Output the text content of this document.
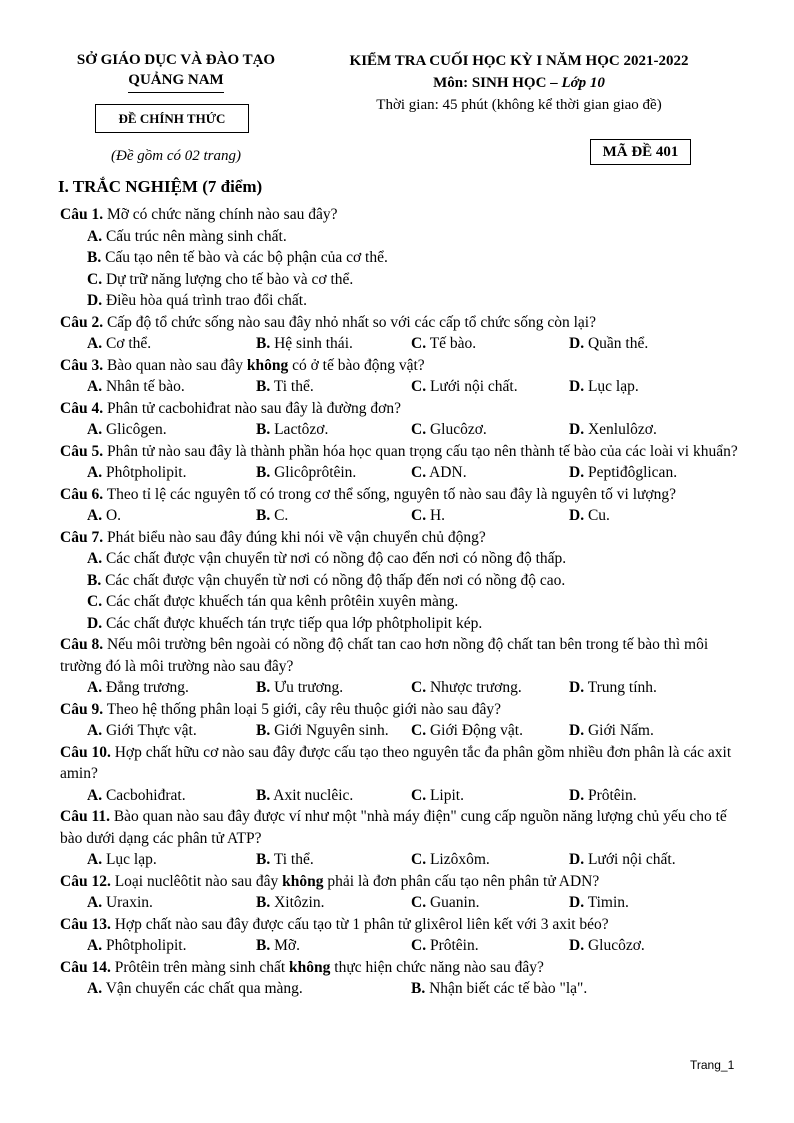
SỞ GIÁO DỤC VÀ ĐÀO TẠO
QUẢNG NAM
ĐỀ CHÍNH THỨC
(Đề gồm có 02 trang)
KIỂM TRA CUỐI HỌC KỲ I NĂM HỌC 2021-2022
Môn: SINH HỌC – Lớp 10
Thời gian: 45 phút (không kể thời gian giao đề)
MÃ ĐỀ 401
I. TRẮC NGHIỆM (7 điểm)
Câu 1. Mỡ có chức năng chính nào sau đây?
A. Cấu trúc nên màng sinh chất.
B. Cấu tạo nên tế bào và các bộ phận của cơ thể.
C. Dự trữ năng lượng cho tế bào và cơ thể.
D. Điều hòa quá trình trao đổi chất.
Câu 2. Cấp độ tổ chức sống nào sau đây nhỏ nhất so với các cấp tổ chức sống còn lại?
A. Cơ thể.	B. Hệ sinh thái.	C. Tế bào.	D. Quần thể.
Câu 3. Bào quan nào sau đây không có ở tế bào động vật?
A. Nhân tế bào.	B. Ti thể.	C. Lưới nội chất.	D. Lục lạp.
Câu 4. Phân tử cacbohiđrat nào sau đây là đường đơn?
A. Glicôgen.	B. Lactôzơ.	C. Glucôzơ.	D. Xenlulôzơ.
Câu 5. Phân tử nào sau đây là thành phần hóa học quan trọng cấu tạo nên thành tế bào của các loài vi khuẩn?
A. Phôtpholipit.	B. Glicôprôtêin.	C. ADN.	D. Peptiđôglican.
Câu 6. Theo tỉ lệ các nguyên tố có trong cơ thể sống, nguyên tố nào sau đây là nguyên tố vi lượng?
A. O.	B. C.	C. H.	D. Cu.
Câu 7. Phát biểu nào sau đây đúng khi nói về vận chuyển chủ động?
A. Các chất được vận chuyển từ nơi có nồng độ cao đến nơi có nồng độ thấp.
B. Các chất được vận chuyển từ nơi có nồng độ thấp đến nơi có nồng độ cao.
C. Các chất được khuếch tán qua kênh prôtêin xuyên màng.
D. Các chất được khuếch tán trực tiếp qua lớp phôtpholipit kép.
Câu 8. Nếu môi trường bên ngoài có nồng độ chất tan cao hơn nồng độ chất tan bên trong tế bào thì môi trường đó là môi trường nào sau đây?
A. Đẳng trương.	B. Ưu trương.	C. Nhược trương.	D. Trung tính.
Câu 9. Theo hệ thống phân loại 5 giới, cây rêu thuộc giới nào sau đây?
A. Giới Thực vật.	B. Giới Nguyên sinh.	C. Giới Động vật.	D. Giới Nấm.
Câu 10. Hợp chất hữu cơ nào sau đây được cấu tạo theo nguyên tắc đa phân gồm nhiều đơn phân là các axit amin?
A. Cacbohiđrat.	B. Axit nuclêic.	C. Lipit.	D. Prôtêin.
Câu 11. Bào quan nào sau đây được ví như một "nhà máy điện" cung cấp nguồn năng lượng chủ yếu cho tế bào dưới dạng các phân tử ATP?
A. Lục lạp.	B. Ti thể.	C. Lizôxôm.	D. Lưới nội chất.
Câu 12. Loại nuclêôtit nào sau đây không phải là đơn phân cấu tạo nên phân tử ADN?
A. Uraxin.	B. Xitôzin.	C. Guanin.	D. Timin.
Câu 13. Hợp chất nào sau đây được cấu tạo từ 1 phân tử glixêrol liên kết với 3 axit béo?
A. Phôtpholipit.	B. Mỡ.	C. Prôtêin.	D. Glucôzơ.
Câu 14. Prôtêin trên màng sinh chất không thực hiện chức năng nào sau đây?
A. Vận chuyển các chất qua màng.	B. Nhận biết các tế bào "lạ".
Trang_1
